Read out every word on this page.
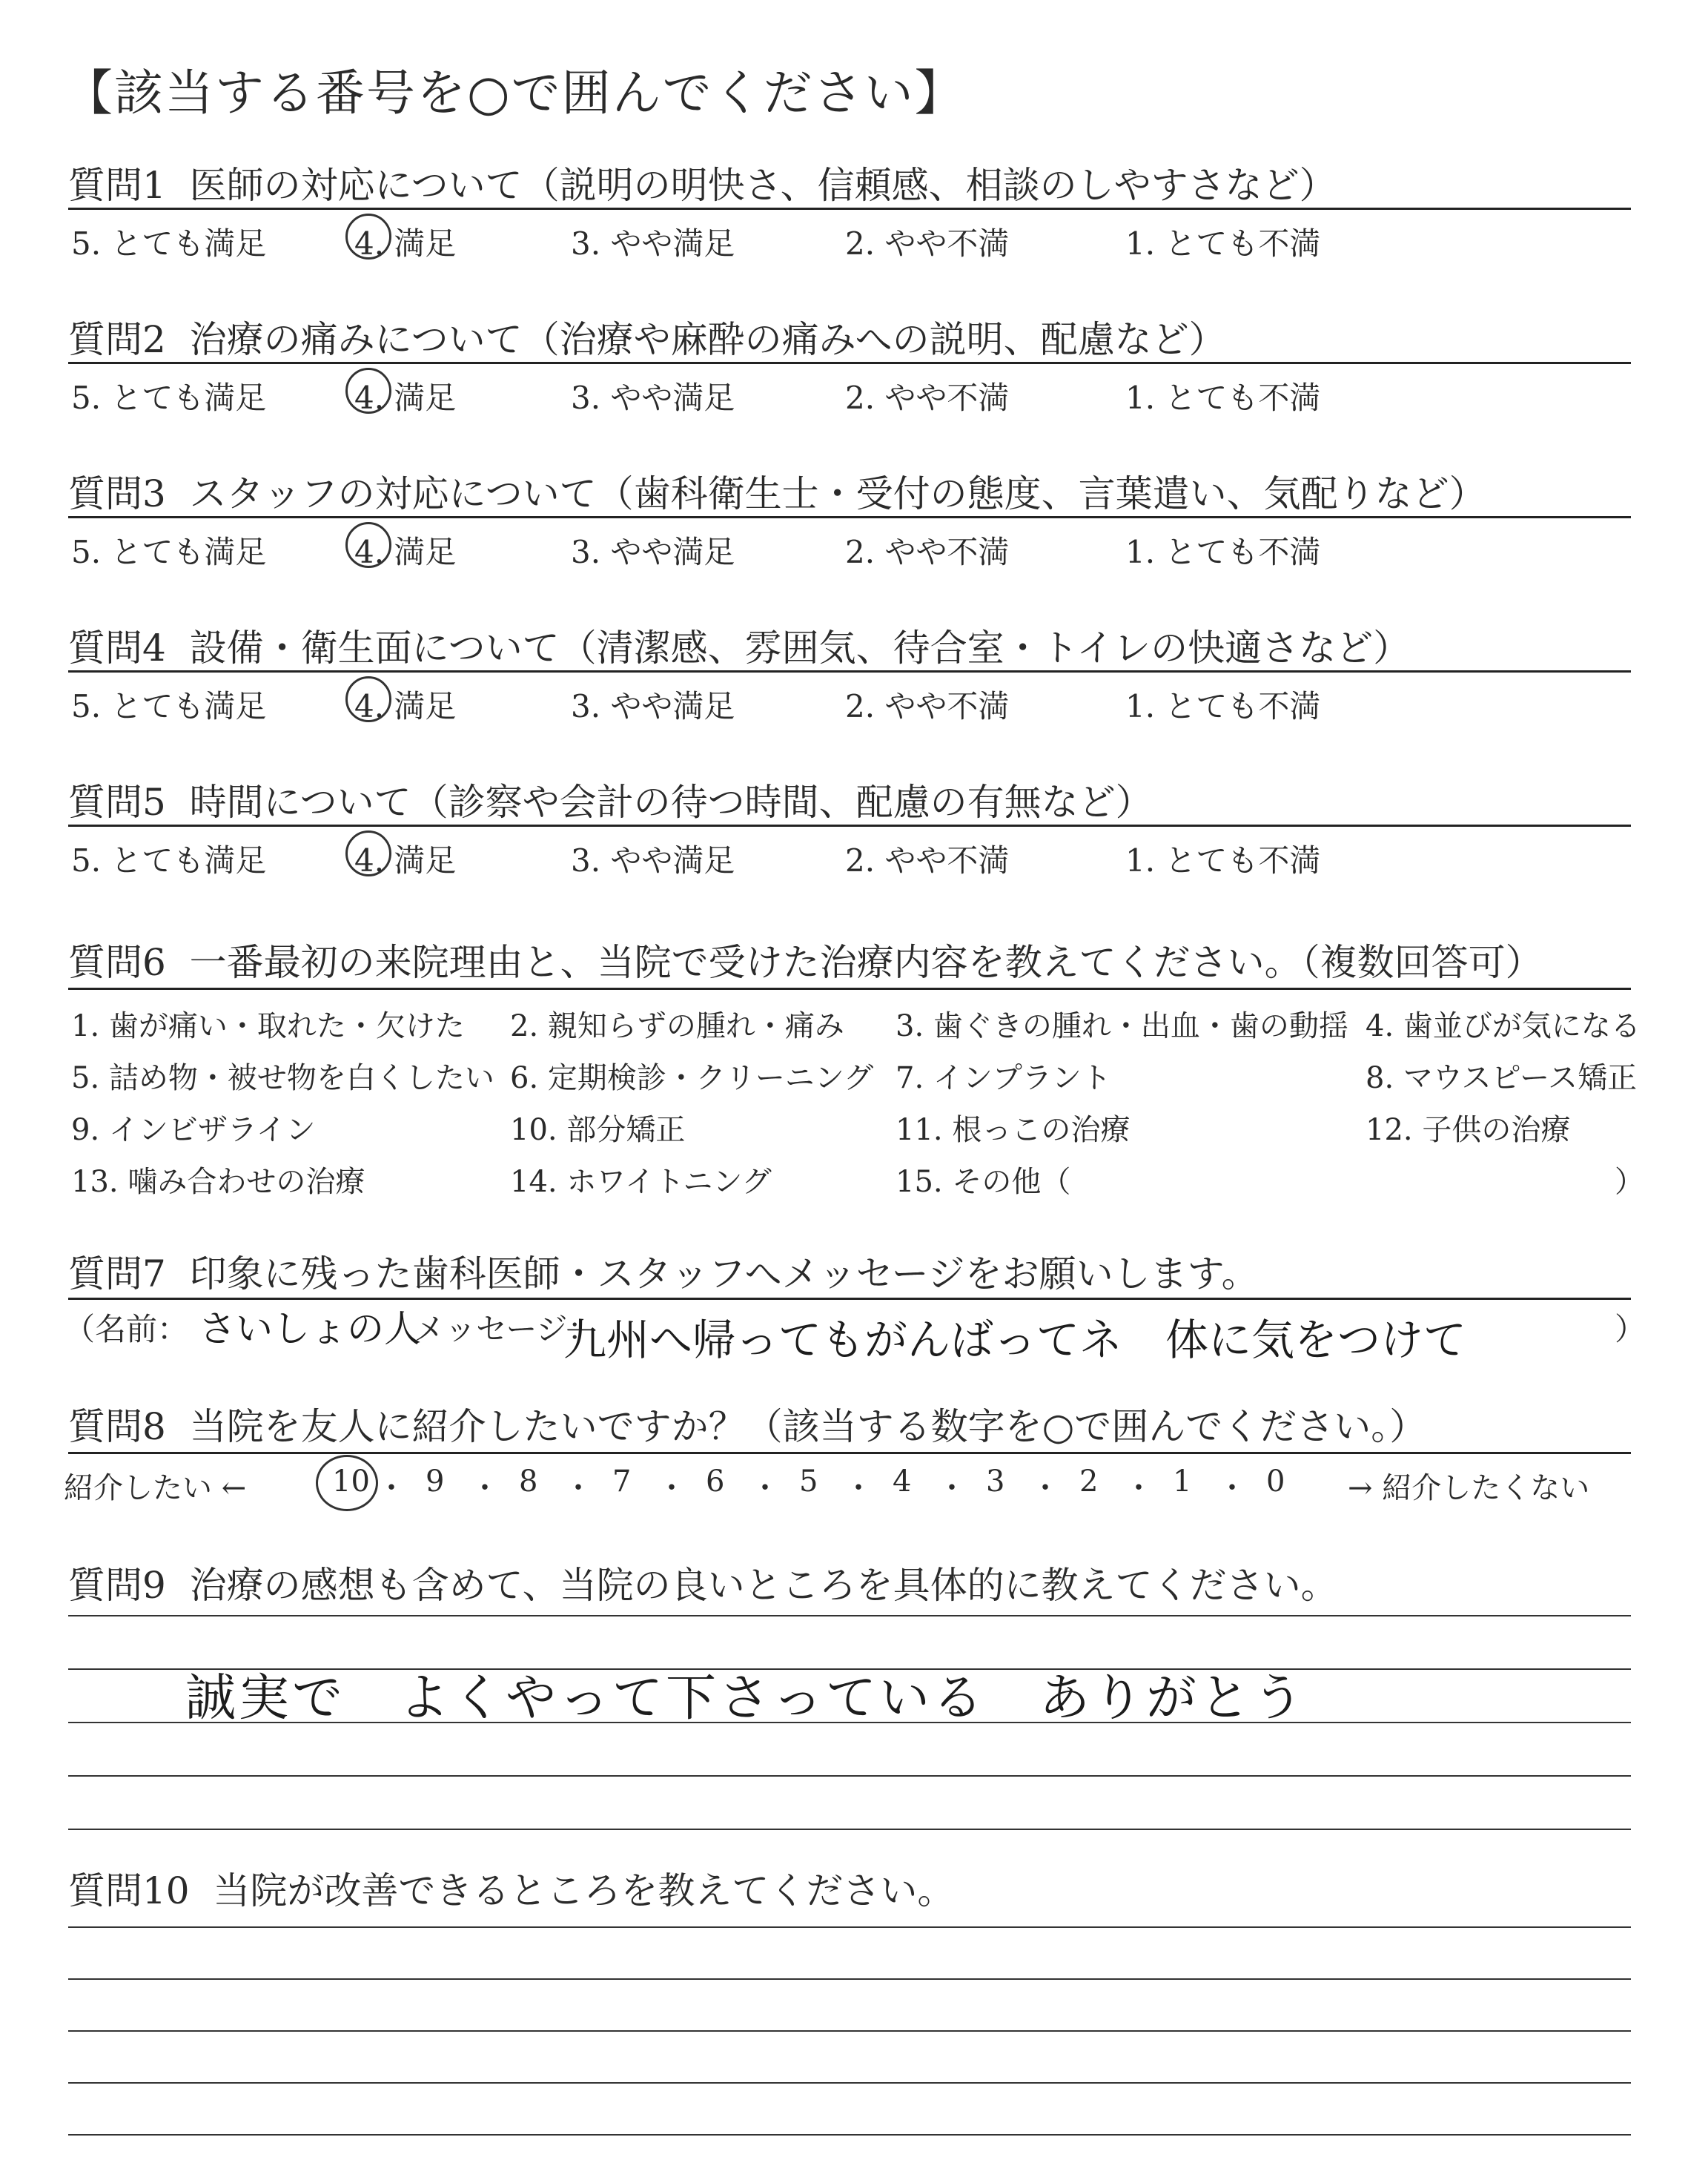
【該当する番号を○で囲んでください】
質問1 医師の対応について（説明の明快さ、信頼感、相談のしやすさなど）
5. とても満足	4. 満足	3. やや満足	2. やや不満	1. とても不満
質問2 治療の痛みについて（治療や麻酔の痛みへの説明、配慮など）
5. とても満足	4. 満足	3. やや満足	2. やや不満	1. とても不満
質問3 スタッフの対応について（歯科衛生士・受付の態度、言葉遣い、気配りなど）
5. とても満足	4. 満足	3. やや満足	2. やや不満	1. とても不満
質問4 設備・衛生面について（清潔感、雰囲気、待合室・トイレの快適さなど）
5. とても満足	4. 満足	3. やや満足	2. やや不満	1. とても不満
質問5 時間について（診察や会計の待つ時間、配慮の有無など）
5. とても満足	4. 満足	3. やや満足	2. やや不満	1. とても不満
質問6 一番最初の来院理由と、当院で受けた治療内容を教えてください。（複数回答可）
1. 歯が痛い・取れた・欠けた 2. 親知らずの腫れ・痛み 3. 歯ぐきの腫れ・出血・歯の動揺 4. 歯並びが気になる
5. 詰め物・被せ物を白くしたい 6. 定期検診・クリーニング 7. インプラント	8. マウスピース矯正
9. インビザライン	10. 部分矯正	11. 根っこの治療	12. 子供の治療
13. 噛み合わせの治療	14. ホワイトニング	15. その他（	）
質問7 印象に残った歯科医師・スタッフへメッセージをお願いします。
（名前： さいしょの人
メッセージ：
九州へ帰ってもがんばってネ　体に気をつけて	）
質問8 当院を友人に紹介したいですか？（該当する数字を○で囲んでください。）
紹介したい ←	10 ・ 9 ・ 8 ・ 7 ・ 6 ・ 5 ・ 4 ・ 3 ・ 2 ・ 1 ・ 0 → 紹介したくない
質問9 治療の感想も含めて、当院の良いところを具体的に教えてください。
誠実で　よくやって下さっている　ありがとう
質問10 当院が改善できるところを教えてください。
